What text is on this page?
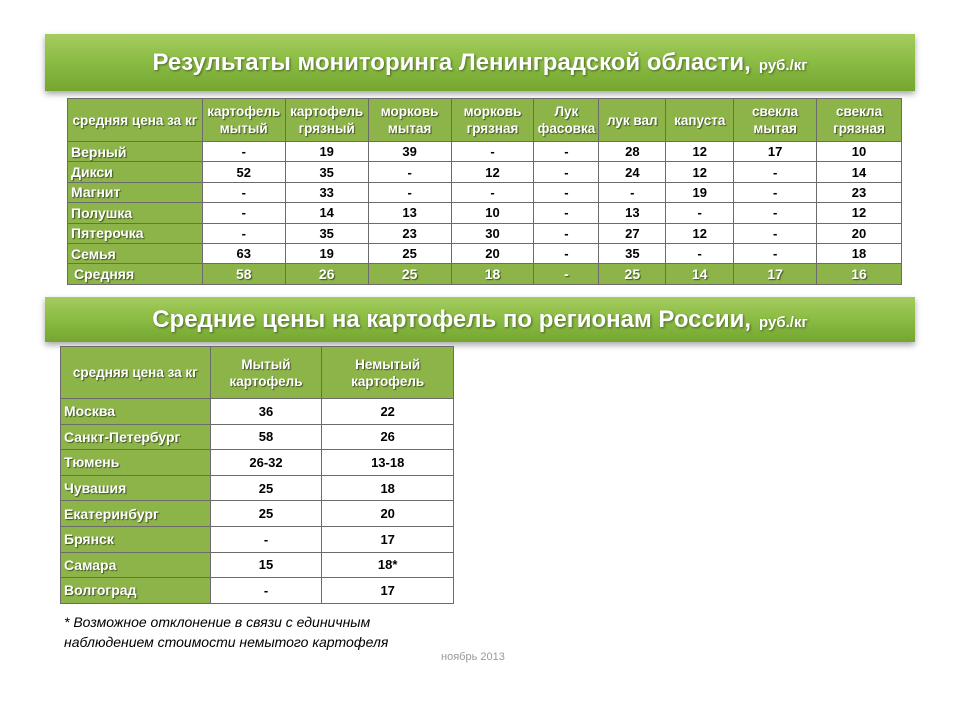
Результаты мониторинга Ленинградской области, руб./кг
средняя цена за кг	картофель мытый	картофель грязный	морковь мытая	морковь грязная	Лук фасовка	лук вал	капуста	свекла мытая	свекла грязная
Верный	-	19	39	-	-	28	12	17	10
Дикси	52	35	-	12	-	24	12	-	14
Магнит	-	33	-	-	-	-	19	-	23
Полушка	-	14	13	10	-	13	-	-	12
Пятерочка	-	35	23	30	-	27	12	-	20
Семья	63	19	25	20	-	35	-	-	18
Средняя	58	26	25	18	-	25	14	17	16
Средние цены на картофель по регионам России, руб./кг
средняя цена за кг	Мытый картофель	Немытый картофель
Москва	36	22
Санкт-Петербург	58	26
Тюмень	26-32	13-18
Чувашия	25	18
Екатеринбург	25	20
Брянск	-	17
Самара	15	18*
Волгоград	-	17
* Возможное отклонение в связи с единичным наблюдением стоимости немытого картофеля
ноябрь 2013
